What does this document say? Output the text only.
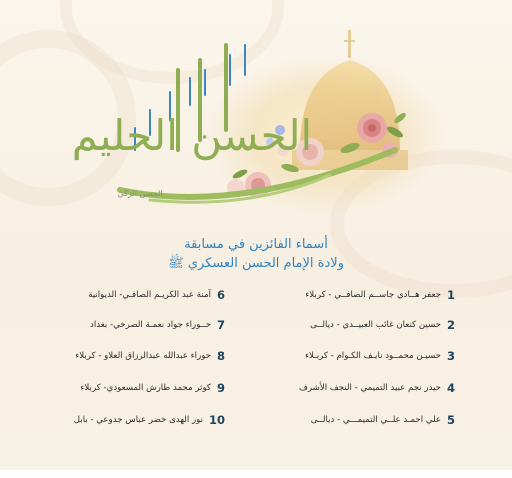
الحسن الحليم
الحسن الزكي
أسماء الفائزين في مسابقة
ولادة الإمام الحسن العسكري ﷺ
1جعفر هــادي جاســم الصافــي - كربلاء
2حسين كنعان غائب العبيــدي - ديالــى
3حسيـن محمــود نايـف الكـوام - كربـلاء
4حيدر نجم عبيد التميمي - النجف الأشرف
5علي احمـد علــي التميمـــي - ديالــى
6آمنة عبد الكريـم الصافـي- الديوانية
7حــوراء جواد نعمـة الصرخي- بغداد
8حوراء عبدالله عبدالرزاق العلاو - كربلاء
9كوثر محمد طارش المسعودي- كربلاء
10نور الهدى خضر عباس جدوعي - بابل
